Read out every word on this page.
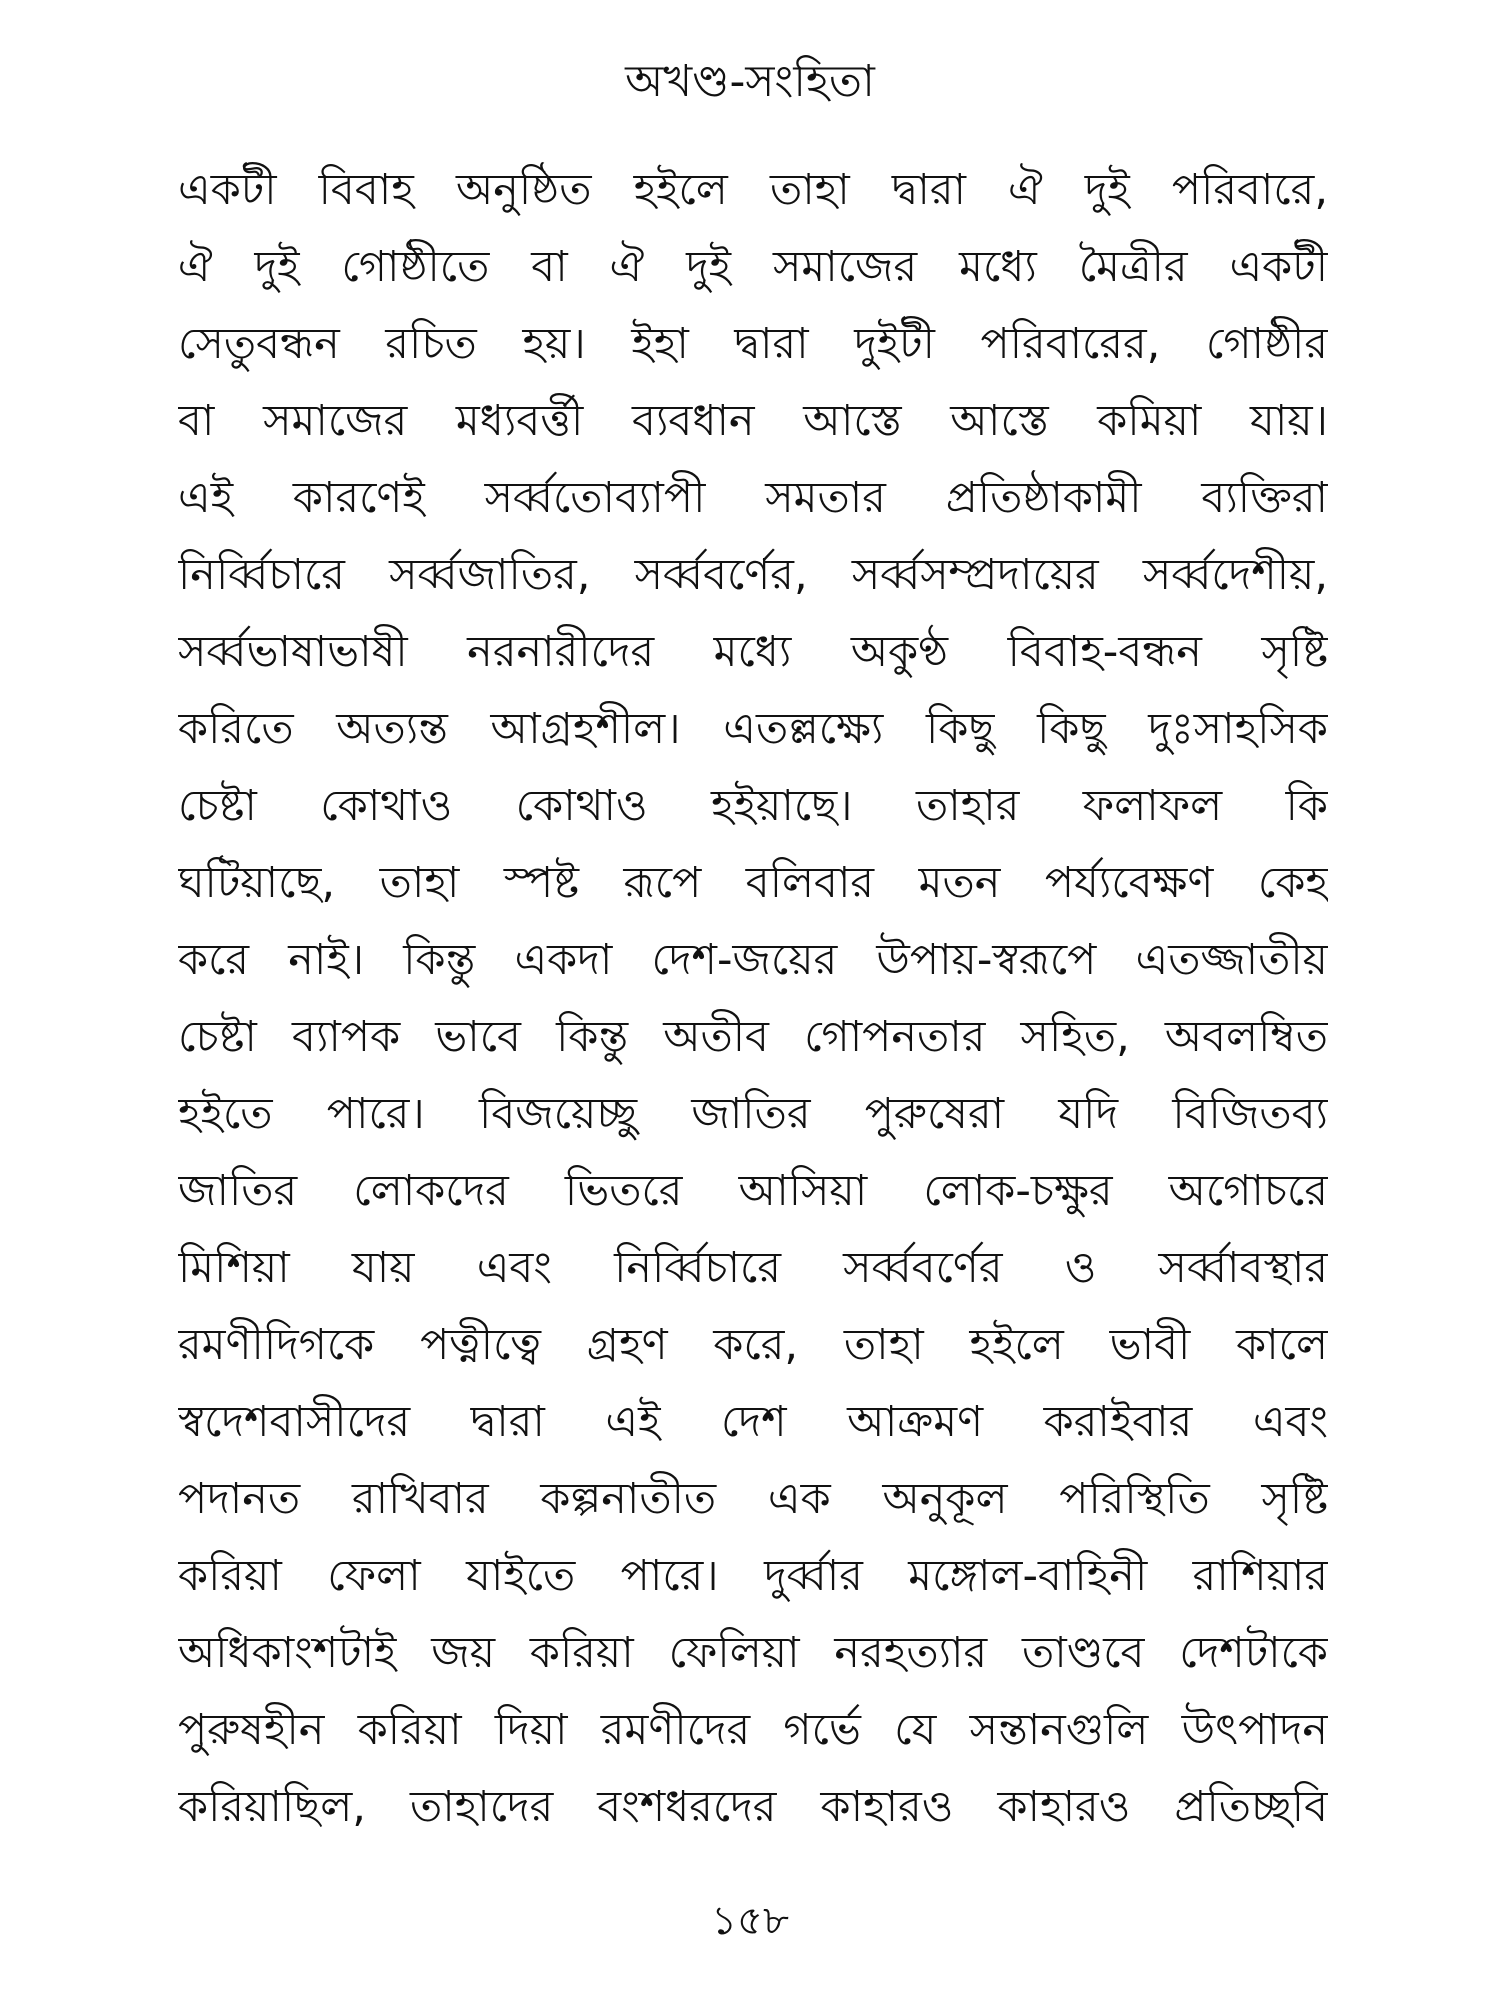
অখণ্ড-সংহিতা
একটী বিবাহ অনুষ্ঠিত হইলে তাহা দ্বারা ঐ দুই পরিবারে,
ঐ দুই গোষ্ঠীতে বা ঐ দুই সমাজের মধ্যে মৈত্রীর একটী
সেতুবন্ধন রচিত হয়। ইহা দ্বারা দুইটী পরিবারের, গোষ্ঠীর
বা সমাজের মধ্যবর্ত্তী ব্যবধান আস্তে আস্তে কমিয়া যায়।
এই কারণেই সর্ব্বতোব্যাপী সমতার প্রতিষ্ঠাকামী ব্যক্তিরা
নির্ব্বিচারে সর্ব্বজাতির, সর্ব্ববর্ণের, সর্ব্বসম্প্রদায়ের সর্ব্বদেশীয়,
সর্ব্বভাষাভাষী নরনারীদের মধ্যে অকুণ্ঠ বিবাহ-বন্ধন সৃষ্টি
করিতে অত্যন্ত আগ্রহশীল। এতল্লক্ষ্যে কিছু কিছু দুঃসাহসিক
চেষ্টা কোথাও কোথাও হইয়াছে। তাহার ফলাফল কি
ঘটিয়াছে, তাহা স্পষ্ট রূপে বলিবার মতন পর্য্যবেক্ষণ কেহ
করে নাই। কিন্তু একদা দেশ-জয়ের উপায়-স্বরূপে এতজ্জাতীয়
চেষ্টা ব্যাপক ভাবে কিন্তু অতীব গোপনতার সহিত, অবলম্বিত
হইতে পারে। বিজয়েচ্ছু জাতির পুরুষেরা যদি বিজিতব্য
জাতির লোকদের ভিতরে আসিয়া লোক-চক্ষুর অগোচরে
মিশিয়া যায় এবং নির্ব্বিচারে সর্ব্ববর্ণের ও সর্ব্বাবস্থার
রমণীদিগকে পত্নীত্বে গ্রহণ করে, তাহা হইলে ভাবী কালে
স্বদেশবাসীদের দ্বারা এই দেশ আক্রমণ করাইবার এবং
পদানত রাখিবার কল্পনাতীত এক অনুকূল পরিস্থিতি সৃষ্টি
করিয়া ফেলা যাইতে পারে। দুর্ব্বার মঙ্গোল-বাহিনী রাশিয়ার
অধিকাংশটাই জয় করিয়া ফেলিয়া নরহত্যার তাণ্ডবে দেশটাকে
পুরুষহীন করিয়া দিয়া রমণীদের গর্ভে যে সন্তানগুলি উৎপাদন
করিয়াছিল, তাহাদের বংশধরদের কাহারও কাহারও প্রতিচ্ছবি
১৫৮
